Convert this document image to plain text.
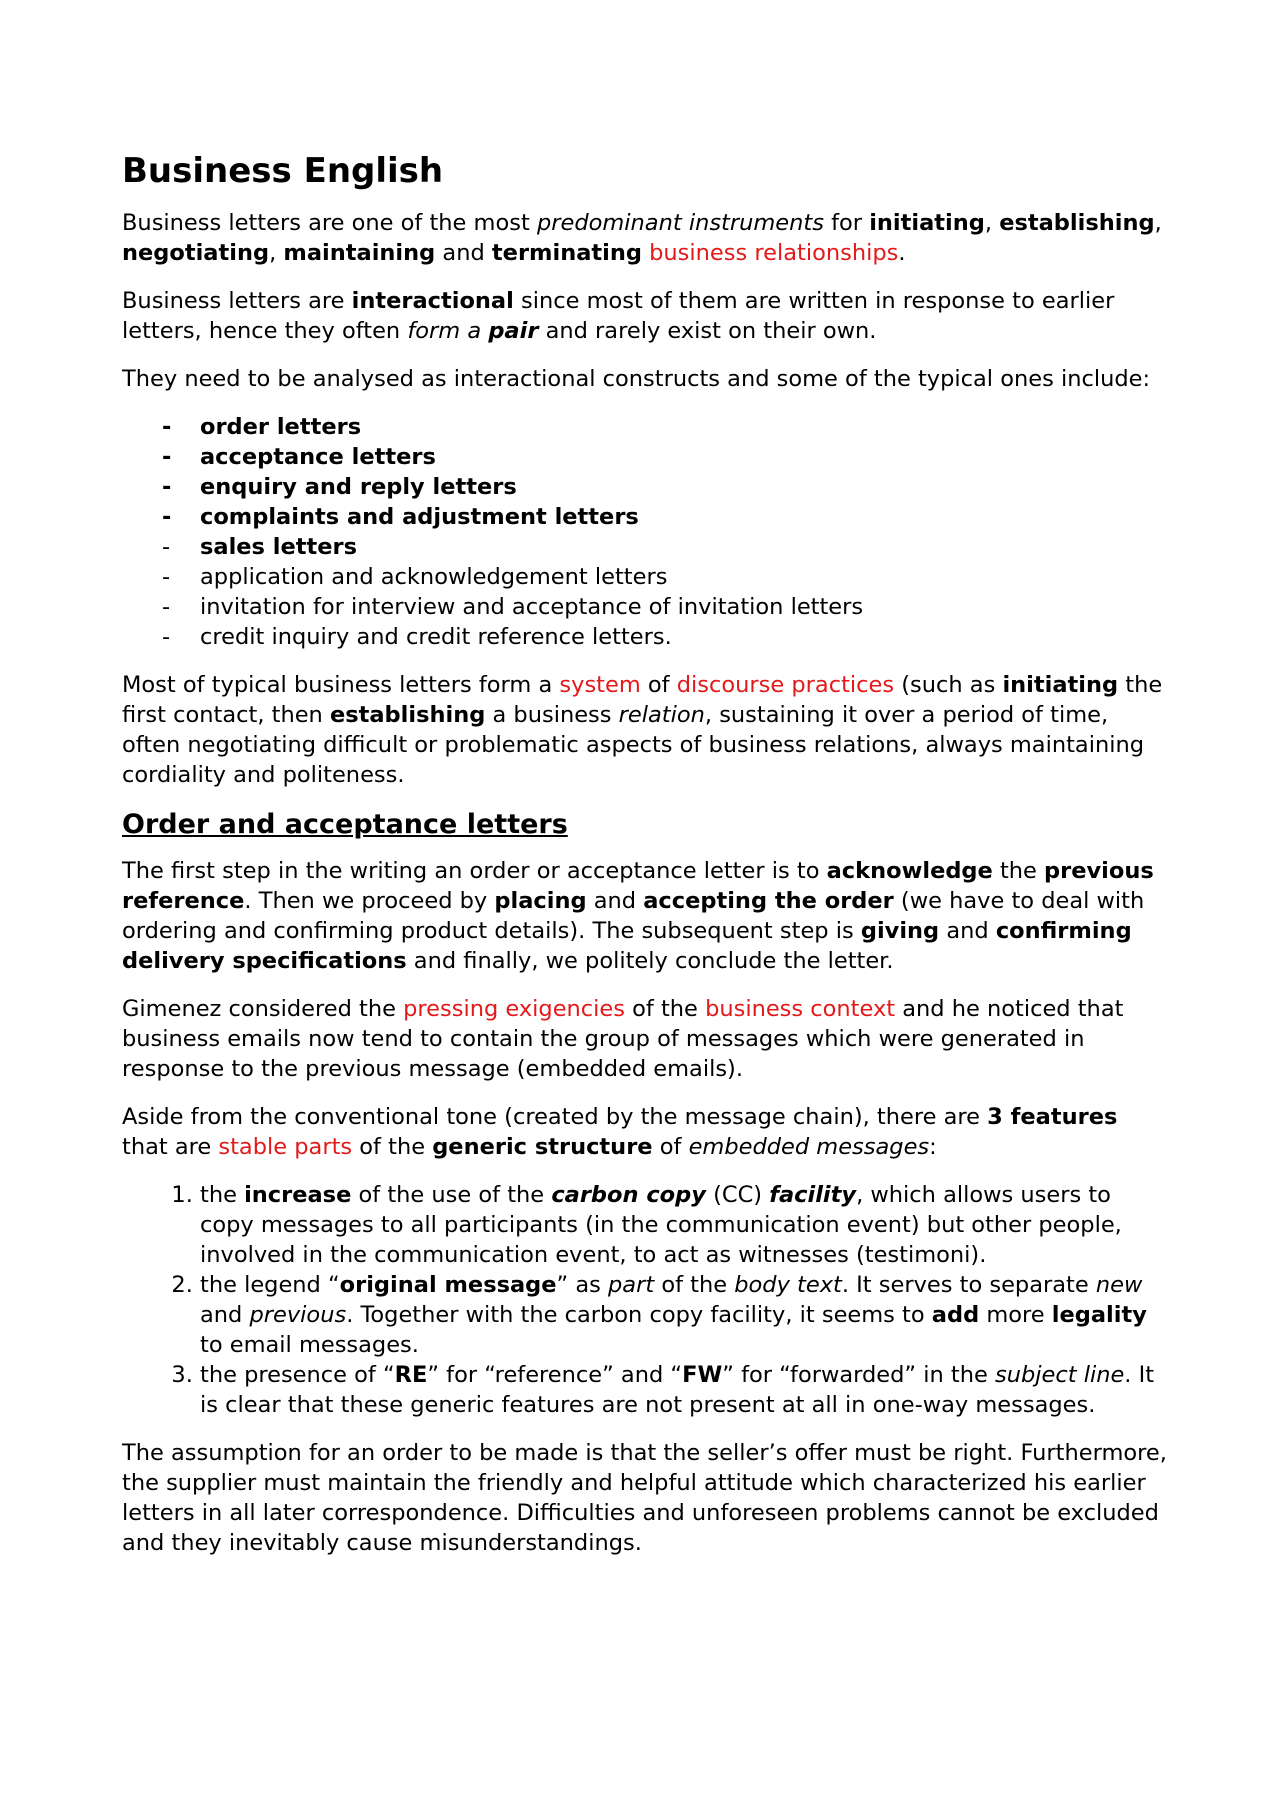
Business English

Business letters are one of the most predominant instruments for initiating, establishing, negotiating, maintaining and terminating business relationships.

Business letters are interactional since most of them are written in response to earlier letters, hence they often form a pair and rarely exist on their own.

They need to be analysed as interactional constructs and some of the typical ones include:

- order letters
- acceptance letters
- enquiry and reply letters
- complaints and adjustment letters
- sales letters
- application and acknowledgement letters
- invitation for interview and acceptance of invitation letters
- credit inquiry and credit reference letters.

Most of typical business letters form a system of discourse practices (such as initiating the first contact, then establishing a business relation, sustaining it over a period of time, often negotiating difficult or problematic aspects of business relations, always maintaining cordiality and politeness.

Order and acceptance letters

The first step in the writing an order or acceptance letter is to acknowledge the previous reference. Then we proceed by placing and accepting the order (we have to deal with ordering and confirming product details). The subsequent step is giving and confirming delivery specifications and finally, we politely conclude the letter.

Gimenez considered the pressing exigencies of the business context and he noticed that business emails now tend to contain the group of messages which were generated in response to the previous message (embedded emails).

Aside from the conventional tone (created by the message chain), there are 3 features that are stable parts of the generic structure of embedded messages:

1. the increase of the use of the carbon copy (CC) facility, which allows users to copy messages to all participants (in the communication event) but other people, involved in the communication event, to act as witnesses (testimoni).
2. the legend “original message” as part of the body text. It serves to separate new and previous. Together with the carbon copy facility, it seems to add more legality to email messages.
3. the presence of “RE” for “reference” and “FW” for “forwarded” in the subject line. It is clear that these generic features are not present at all in one-way messages.

The assumption for an order to be made is that the seller’s offer must be right. Furthermore, the supplier must maintain the friendly and helpful attitude which characterized his earlier letters in all later correspondence. Difficulties and unforeseen problems cannot be excluded and they inevitably cause misunderstandings.
